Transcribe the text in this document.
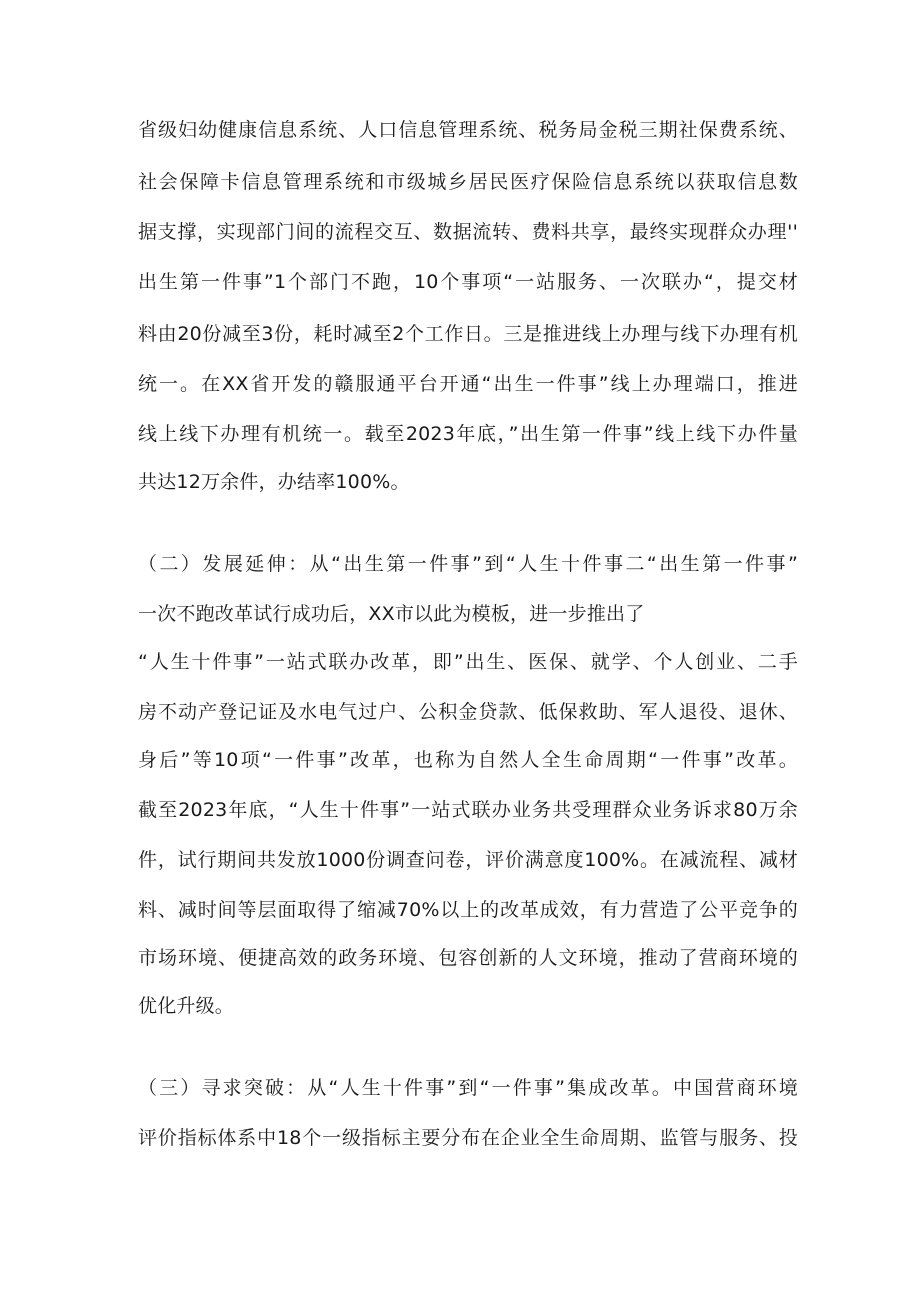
省级妇幼健康信息系统、人口信息管理系统、税务局金税三期社保费系统、
社会保障卡信息管理系统和市级城乡居民医疗保险信息系统以获取信息数
据支撑，实现部门间的流程交互、数据流转、费料共享，最终实现群众办理''
出生第一件事”1个部门不跑，10个事项“一站服务、一次联办“，提交材
料由20份减至3份，耗时减至2个工作日。三是推进线上办理与线下办理有机
统一。在XX省开发的赣服通平台开通“出生一件事”线上办理端口，推进
线上线下办理有机统一。载至2023年底，”出生第一件事”线上线下办件量
共达12万余件，办结率100%。
（二）发展延伸：从“出生第一件事”到“人生十件事二“出生第一件事”
一次不跑改革试行成功后，XX市以此为模板，进一步推出了
“人生十件事”一站式联办改革，即”出生、医保、就学、个人创业、二手
房不动产登记证及水电气过户、公积金贷款、低保救助、军人退役、退休、
身后”等10项“一件事”改革，也称为自然人全生命周期“一件事”改革。
截至2023年底，“人生十件事”一站式联办业务共受理群众业务诉求80万余
件，试行期间共发放1000份调查问卷，评价满意度100%。在减流程、减材
料、减时间等层面取得了缩减70%以上的改革成效，有力营造了公平竞争的
市场环境、便捷高效的政务环境、包容创新的人文环境，推动了营商环境的
优化升级。
（三）寻求突破：从“人生十件事”到“一件事”集成改革。中国营商环境
评价指标体系中18个一级指标主要分布在企业全生命周期、监管与服务、投
